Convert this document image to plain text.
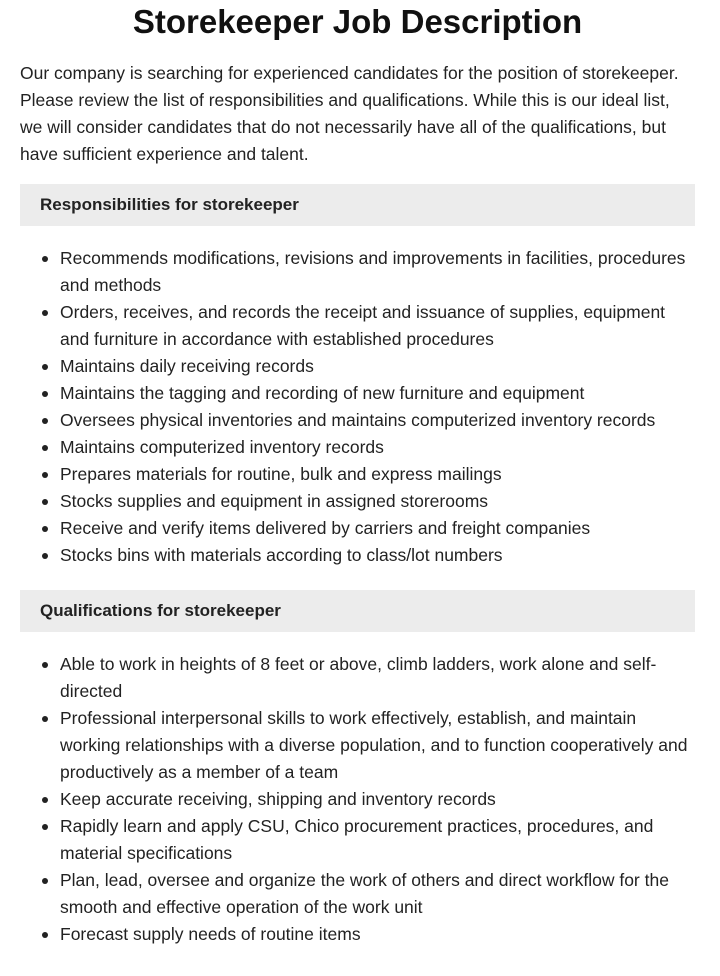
Storekeeper Job Description

Our company is searching for experienced candidates for the position of storekeeper. Please review the list of responsibilities and qualifications. While this is our ideal list, we will consider candidates that do not necessarily have all of the qualifications, but have sufficient experience and talent.

Responsibilities for storekeeper
Recommends modifications, revisions and improvements in facilities, procedures and methods
Orders, receives, and records the receipt and issuance of supplies, equipment and furniture in accordance with established procedures
Maintains daily receiving records
Maintains the tagging and recording of new furniture and equipment
Oversees physical inventories and maintains computerized inventory records
Maintains computerized inventory records
Prepares materials for routine, bulk and express mailings
Stocks supplies and equipment in assigned storerooms
Receive and verify items delivered by carriers and freight companies
Stocks bins with materials according to class/lot numbers
Qualifications for storekeeper
Able to work in heights of 8 feet or above, climb ladders, work alone and self-directed
Professional interpersonal skills to work effectively, establish, and maintain working relationships with a diverse population, and to function cooperatively and productively as a member of a team
Keep accurate receiving, shipping and inventory records
Rapidly learn and apply CSU, Chico procurement practices, procedures, and material specifications
Plan, lead, oversee and organize the work of others and direct workflow for the smooth and effective operation of the work unit
Forecast supply needs of routine items
